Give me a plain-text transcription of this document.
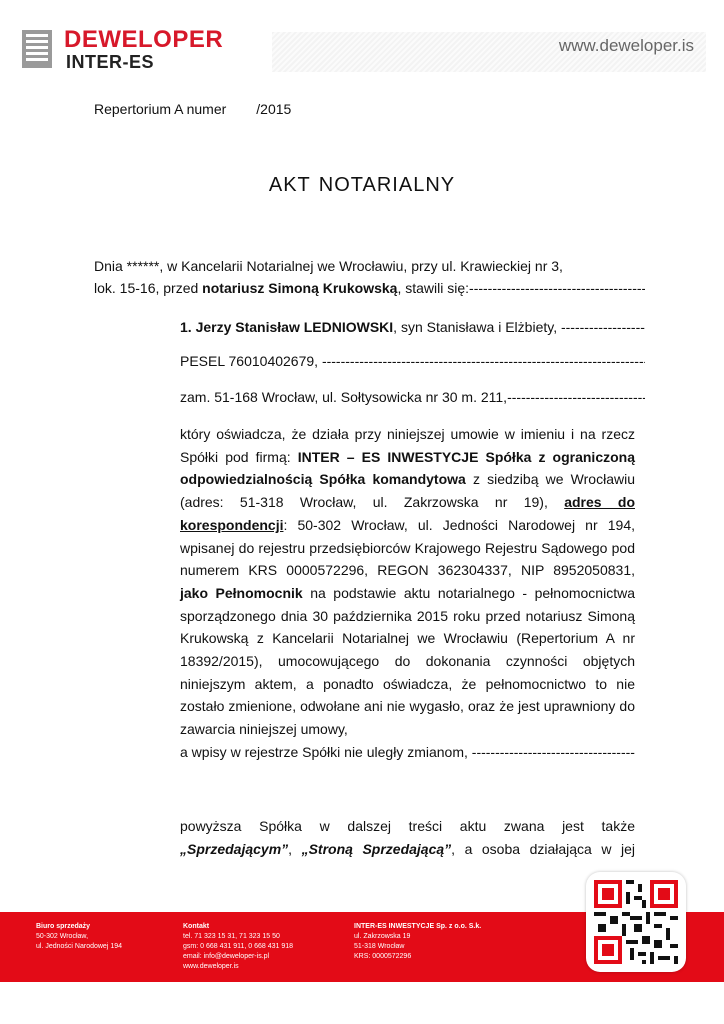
DEWELOPER
INTER-ES
www.deweloper.is
Repertorium A numer /2015
AKT NOTARIALNY
Dnia ******, w Kancelarii Notarialnej we Wrocławiu, przy ul. Krawieckiej nr 3,
lok. 15-16, przed notariusz Simoną Krukowską, stawili się: -----
1. Jerzy Stanisław LEDNIOWSKI, syn Stanisława i Elżbiety, -----
PESEL 76010402679, -----
zam. 51-168 Wrocław, ul. Sołtysowicka nr 30 m. 211, -----
który oświadcza, że działa przy niniejszej umowie w imieniu i na rzecz Spółki pod firmą: INTER – ES INWESTYCJE Spółka z ograniczoną odpowiedzialnością Spółka komandytowa z siedzibą we Wrocławiu (adres: 51-318 Wrocław, ul. Zakrzowska nr 19), adres do korespondencji: 50-302 Wrocław, ul. Jedności Narodowej nr 194, wpisanej do rejestru przedsiębiorców Krajowego Rejestru Sądowego pod numerem KRS 0000572296, REGON 362304337, NIP 8952050831, jako Pełnomocnik na podstawie aktu notarialnego - pełnomocnictwa sporządzonego dnia 30 października 2015 roku przed notariusz Simoną Krukowską z Kancelarii Notarialnej we Wrocławiu (Repertorium A nr 18392/2015), umocowującego do dokonania czynności objętych niniejszym aktem, a ponadto oświadcza, że pełnomocnictwo to nie zostało zmienione, odwołane ani nie wygasło, oraz że jest uprawniony do zawarcia niniejszej umowy,
a wpisy w rejestrze Spółki nie uległy zmianom, -----
powyższa Spółka w dalszej treści aktu zwana jest także
„Sprzedającym”, „Stroną Sprzedającą”, a osoba działająca w jej
Biuro sprzedaży
50-302 Wrocław,
ul. Jedności Narodowej 194
Kontakt
tel. 71 323 15 31, 71 323 15 50
gsm: 0 668 431 911, 0 668 431 918
email: info@deweloper-is.pl
www.deweloper.is
INTER-ES INWESTYCJE Sp. z o.o. S.k.
ul. Zakrzowska 19
51-318 Wrocław
KRS: 0000572296
